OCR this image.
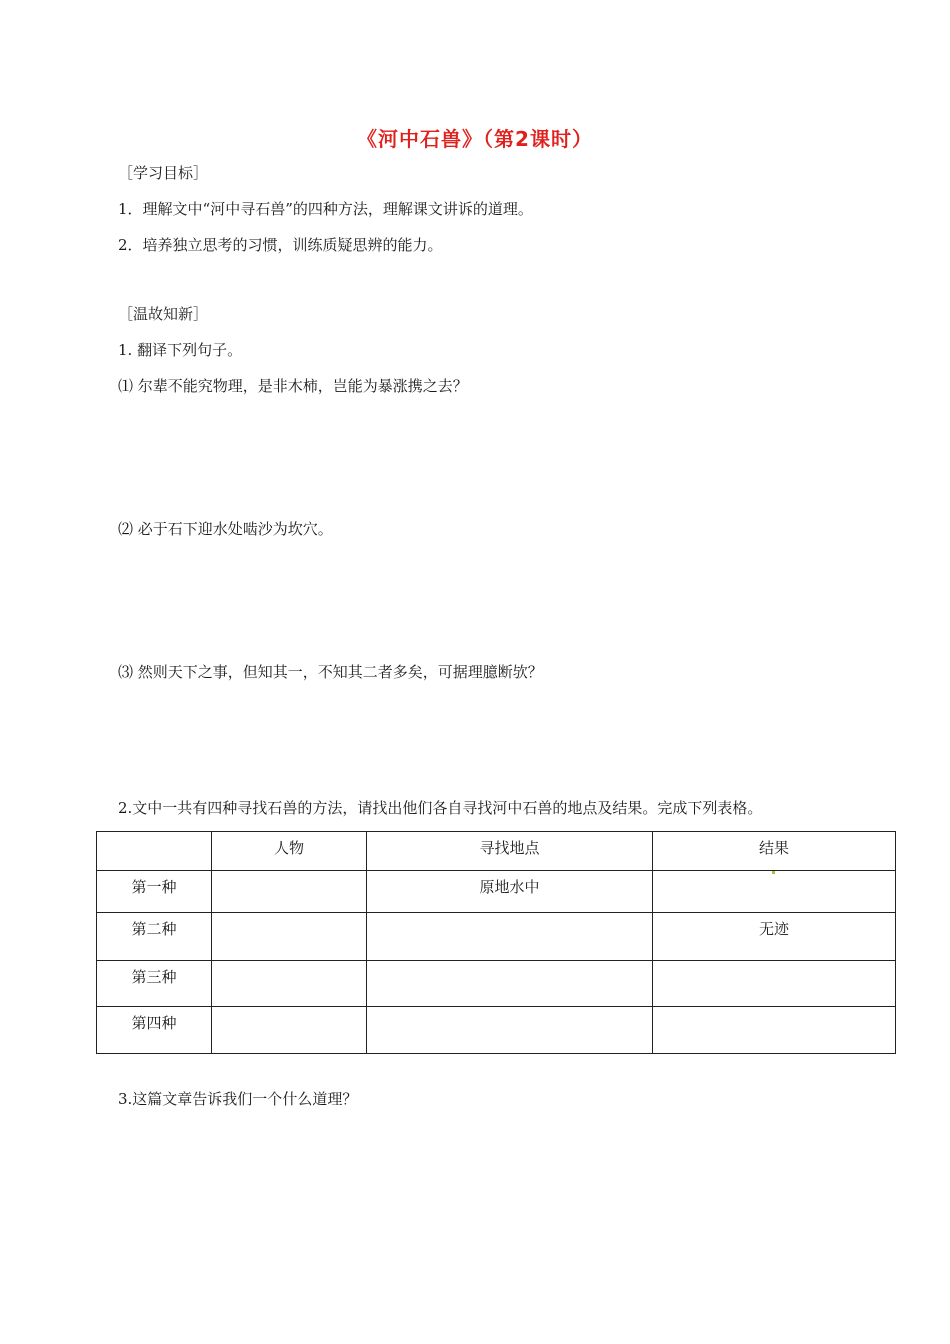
《河中石兽》（第2课时）
［学习目标］
1．理解文中“河中寻石兽”的四种方法，理解课文讲诉的道理。
2．培养独立思考的习惯，训练质疑思辨的能力。
［温故知新］
1. 翻译下列句子。
⑴ 尔辈不能究物理，是非木柿，岂能为暴涨携之去？
⑵ 必于石下迎水处啮沙为坎穴。
⑶ 然则天下之事，但知其一，不知其二者多矣，可据理臆断欤？
2.文中一共有四种寻找石兽的方法，请找出他们各自寻找河中石兽的地点及结果。完成下列表格。

	人物	寻找地点	结果

第一种		原地水中	

第二种			无迹

第三种			

第四种			

3.这篇文章告诉我们一个什么道理？
